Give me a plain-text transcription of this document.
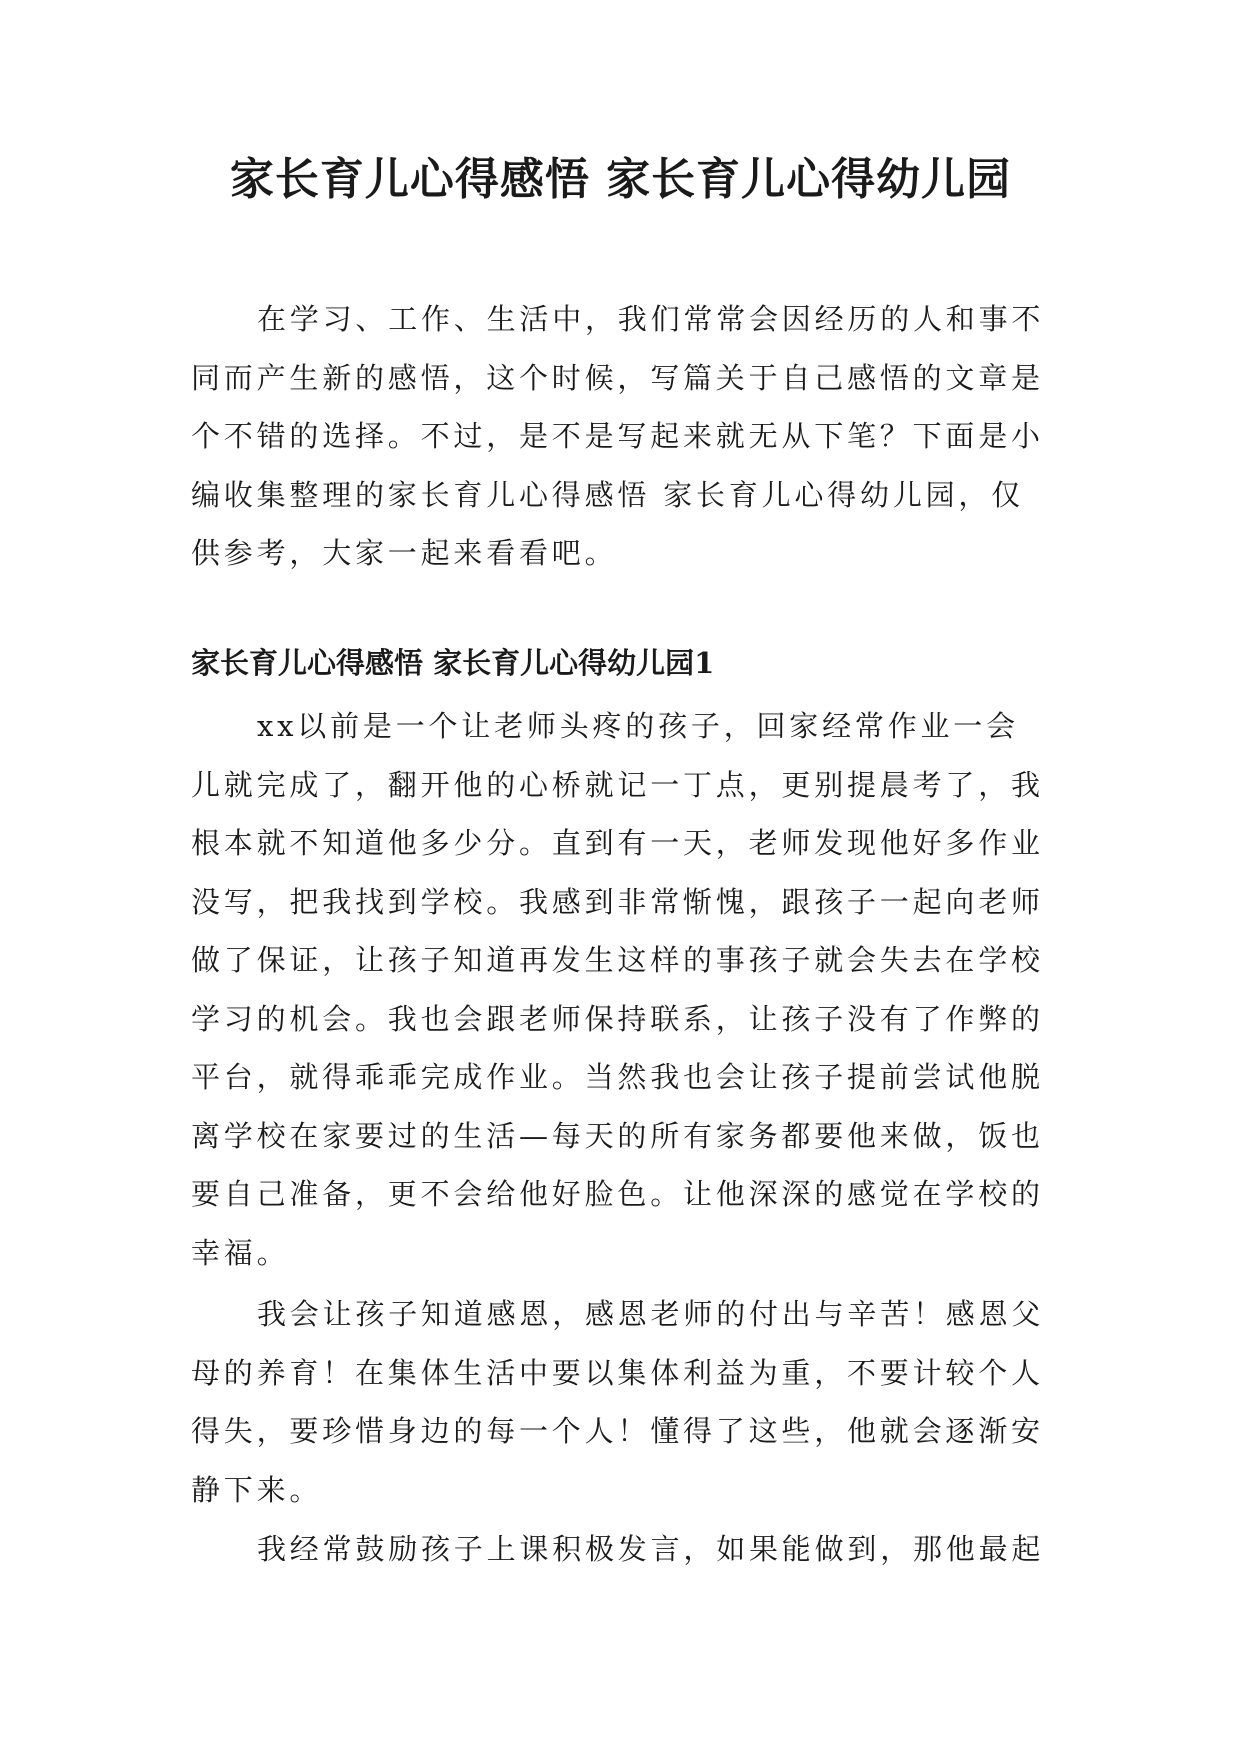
家长育儿心得感悟 家长育儿心得幼儿园

在学习、工作、生活中，我们常常会因经历的人和事不同而产生新的感悟，这个时候，写篇关于自己感悟的文章是个不错的选择。不过，是不是写起来就无从下笔？下面是小编收集整理的家长育儿心得感悟 家长育儿心得幼儿园，仅供参考，大家一起来看看吧。

家长育儿心得感悟 家长育儿心得幼儿园1

xx以前是一个让老师头疼的孩子，回家经常作业一会儿就完成了，翻开他的心桥就记一丁点，更别提晨考了，我根本就不知道他多少分。直到有一天，老师发现他好多作业没写，把我找到学校。我感到非常惭愧，跟孩子一起向老师做了保证，让孩子知道再发生这样的事孩子就会失去在学校学习的机会。我也会跟老师保持联系，让孩子没有了作弊的平台，就得乖乖完成作业。当然我也会让孩子提前尝试他脱离学校在家要过的生活—每天的所有家务都要他来做，饭也要自己准备，更不会给他好脸色。让他深深的感觉在学校的幸福。

我会让孩子知道感恩，感恩老师的付出与辛苦！感恩父母的养育！在集体生活中要以集体利益为重，不要计较个人得失，要珍惜身边的每一个人！懂得了这些，他就会逐渐安静下来。

我经常鼓励孩子上课积极发言，如果能做到，那他最起
